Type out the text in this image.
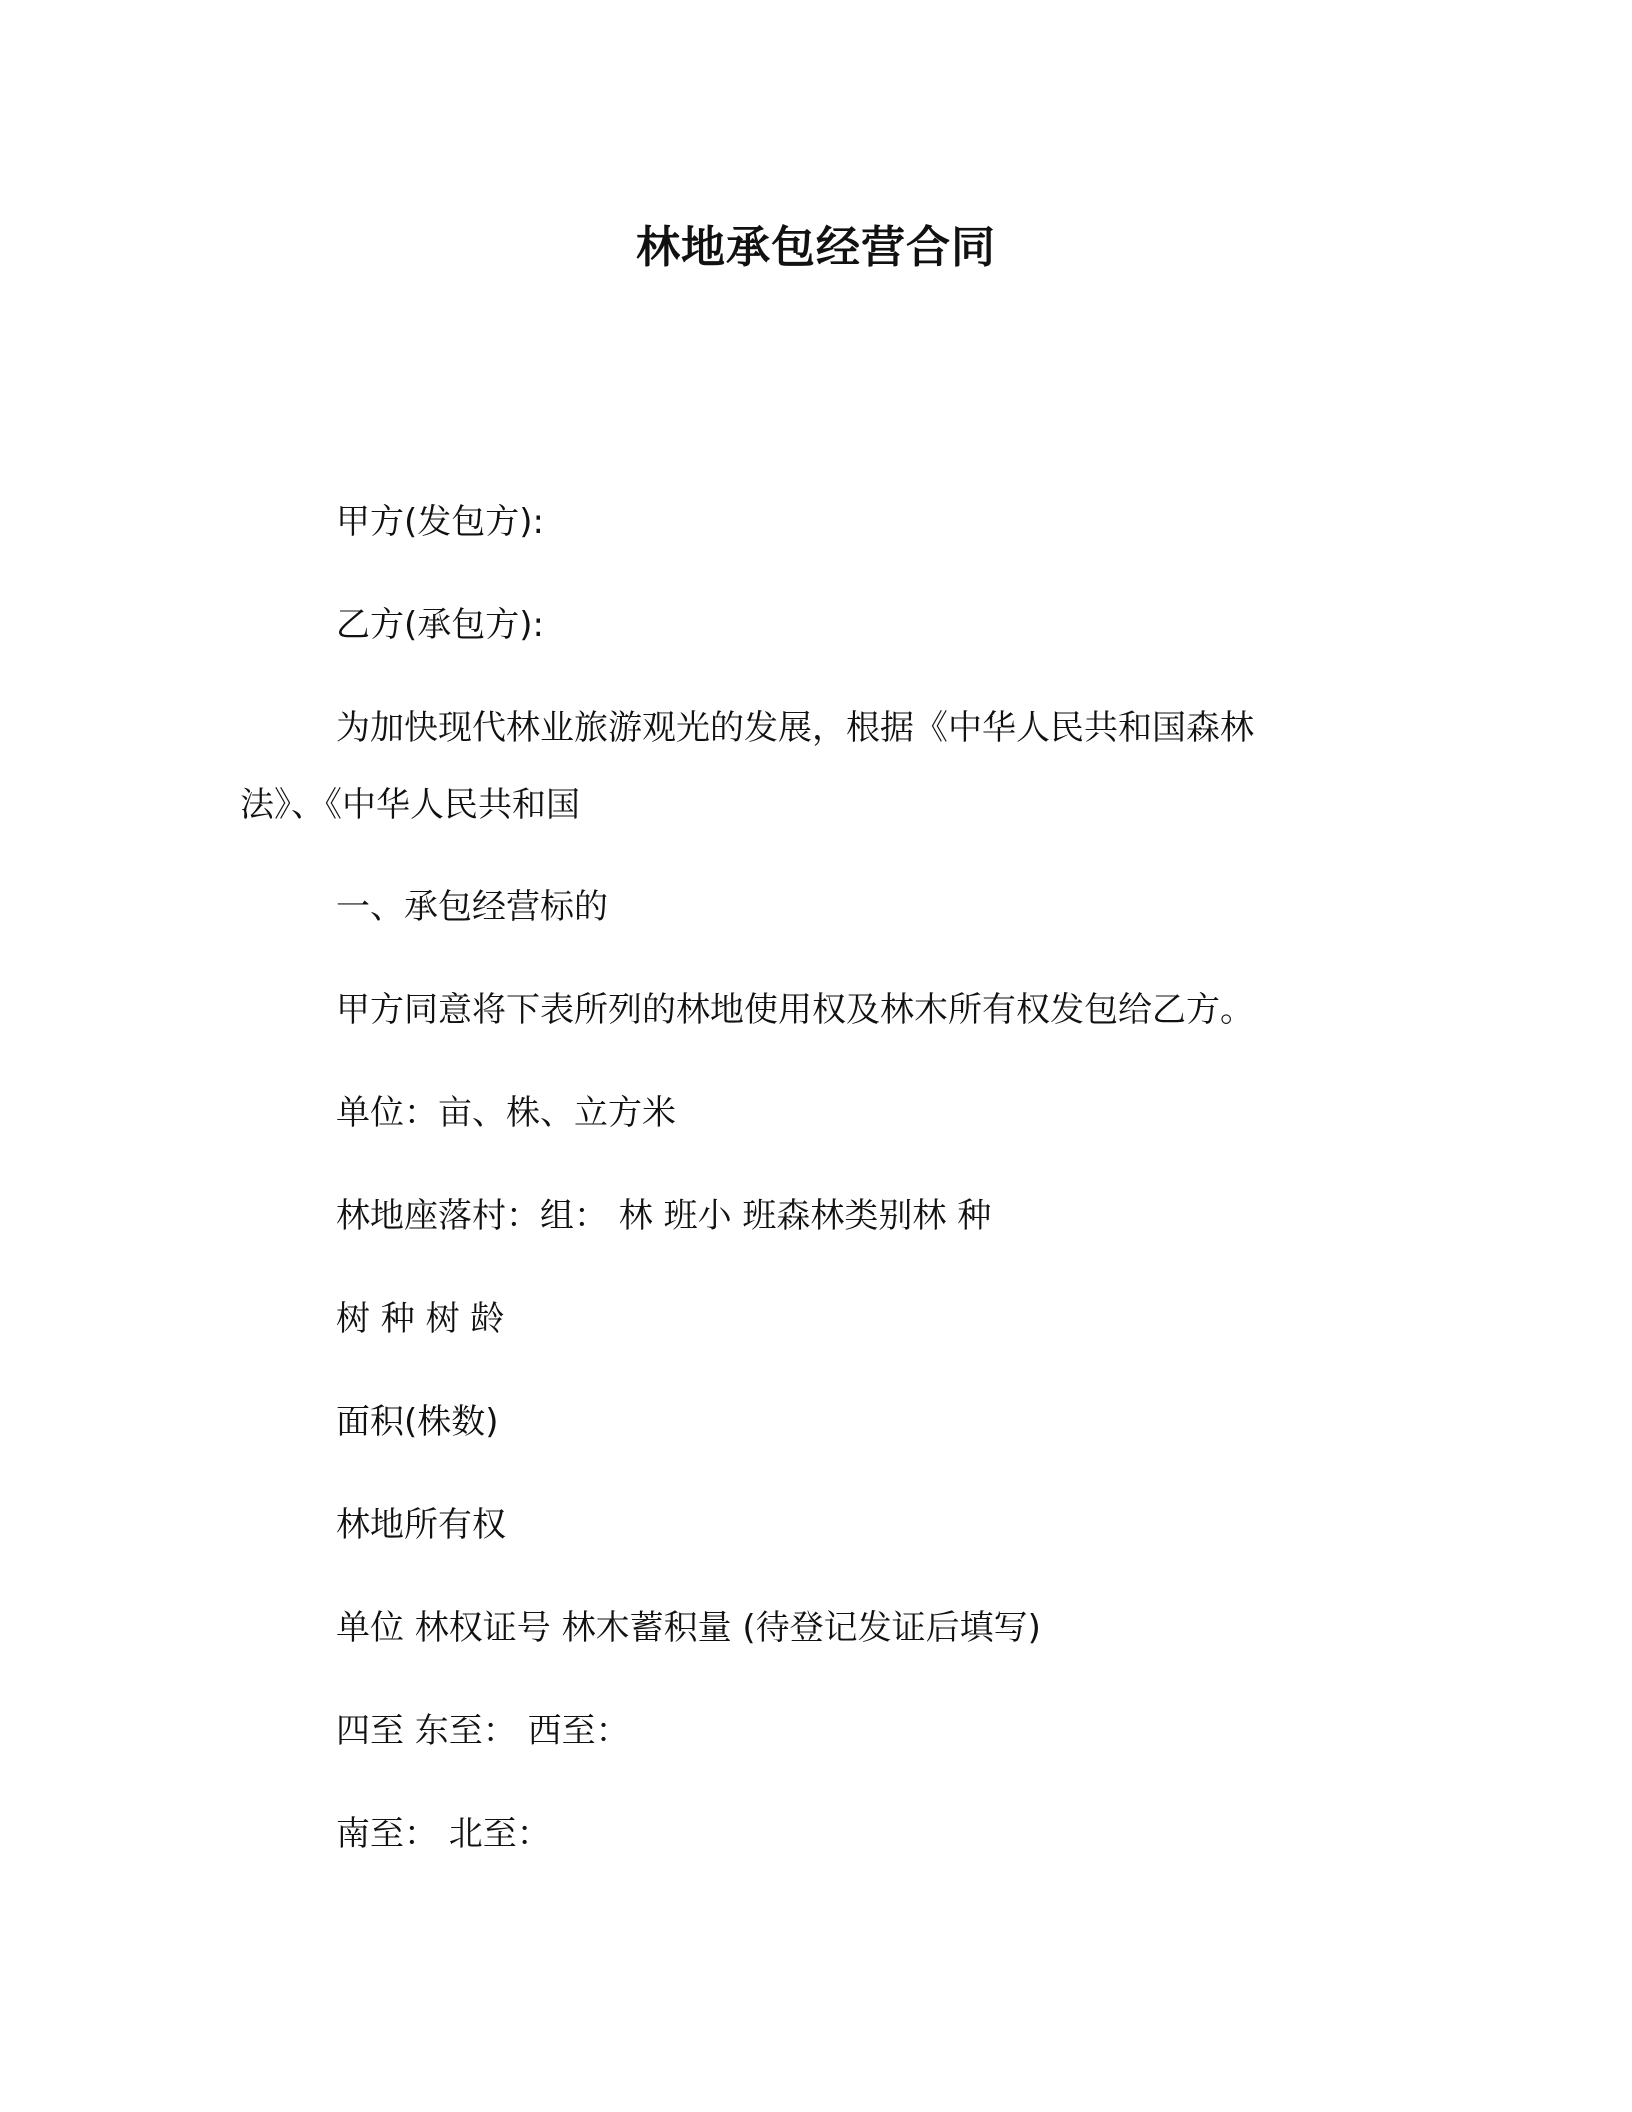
林地承包经营合同
甲方(发包方):
乙方(承包方):
为加快现代林业旅游观光的发展，根据《中华人民共和国森林
法》、《中华人民共和国
一、承包经营标的
甲方同意将下表所列的林地使用权及林木所有权发包给乙方。
单位：亩、株、立方米
林地座落村：组： 林 班小 班森林类别林 种
树 种 树 龄
面积(株数)
林地所有权
单位 林权证号 林木蓄积量 (待登记发证后填写)
四至 东至： 西至：
南至： 北至：
